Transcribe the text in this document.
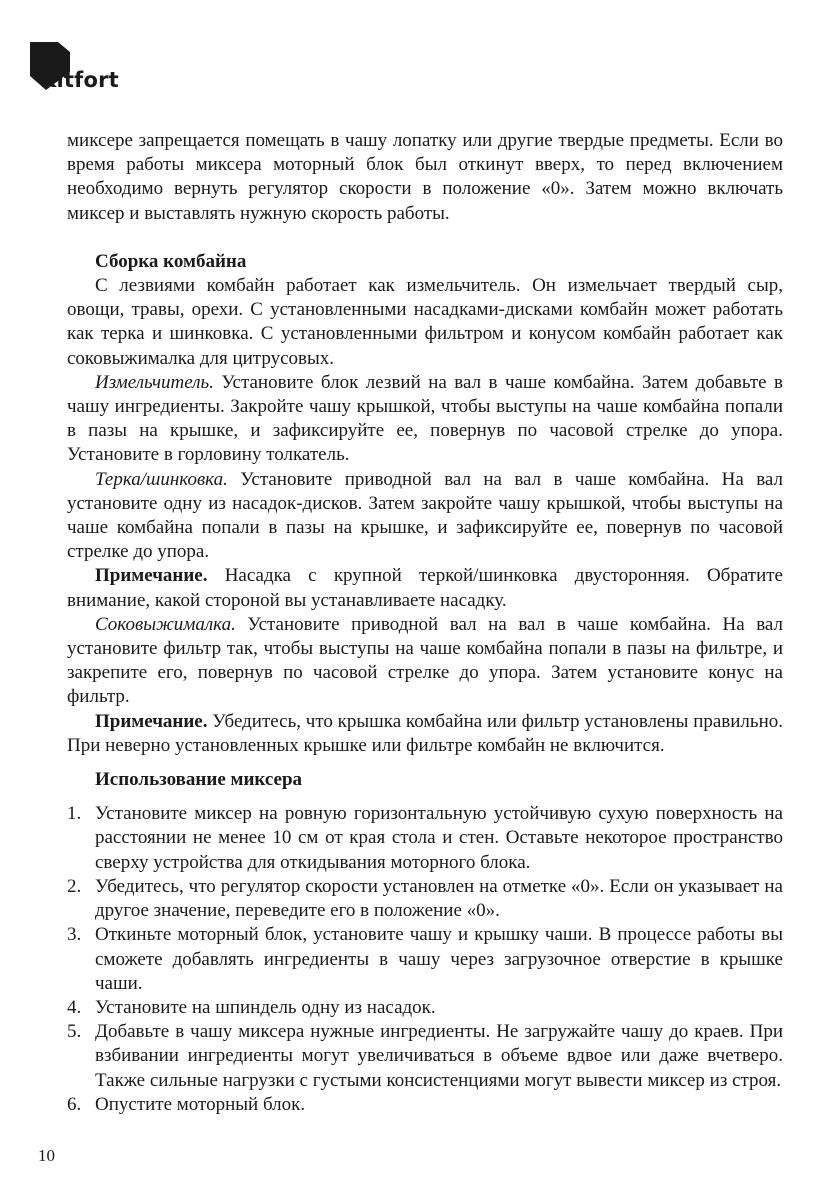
Kitfort

миксере запрещается помещать в чашу лопатку или другие твердые предметы. Если во время работы миксера моторный блок был откинут вверх, то перед включением необходимо вернуть регулятор скорости в положение «0». Затем можно включать миксер и выставлять нужную скорость работы.

Сборка комбайна

С лезвиями комбайн работает как измельчитель. Он измельчает твердый сыр, овощи, травы, орехи. С установленными насадками-дисками комбайн может работать как терка и шинковка. С установленными фильтром и конусом комбайн работает как соковыжималка для цитрусовых.

Измельчитель. Установите блок лезвий на вал в чаше комбайна. Затем добавьте в чашу ингредиенты. Закройте чашу крышкой, чтобы выступы на чаше комбайна попали в пазы на крышке, и зафиксируйте ее, повернув по часовой стрелке до упора. Установите в горловину толкатель.

Терка/шинковка. Установите приводной вал на вал в чаше комбайна. На вал установите одну из насадок-дисков. Затем закройте чашу крышкой, чтобы выступы на чаше комбайна попали в пазы на крышке, и зафиксируйте ее, повернув по часовой стрелке до упора.

Примечание. Насадка с крупной теркой/шинковка двусторонняя. Обратите внимание, какой стороной вы устанавливаете насадку.

Соковыжималка. Установите приводной вал на вал в чаше комбайна. На вал установите фильтр так, чтобы выступы на чаше комбайна попали в пазы на фильтре, и закрепите его, повернув по часовой стрелке до упора. Затем установите конус на фильтр.

Примечание. Убедитесь, что крышка комбайна или фильтр установлены правильно. При неверно установленных крышке или фильтре комбайн не включится.

Использование миксера

1. Установите миксер на ровную горизонтальную устойчивую сухую поверхность на расстоянии не менее 10 см от края стола и стен. Оставьте некоторое пространство сверху устройства для откидывания моторного блока.
2. Убедитесь, что регулятор скорости установлен на отметке «0». Если он указывает на другое значение, переведите его в положение «0».
3. Откиньте моторный блок, установите чашу и крышку чаши. В процессе работы вы сможете добавлять ингредиенты в чашу через загрузочное отверстие в крышке чаши.
4. Установите на шпиндель одну из насадок.
5. Добавьте в чашу миксера нужные ингредиенты. Не загружайте чашу до краев. При взбивании ингредиенты могут увеличиваться в объеме вдвое или даже вчетверо. Также сильные нагрузки с густыми консистенциями могут вывести миксер из строя.
6. Опустите моторный блок.
10
